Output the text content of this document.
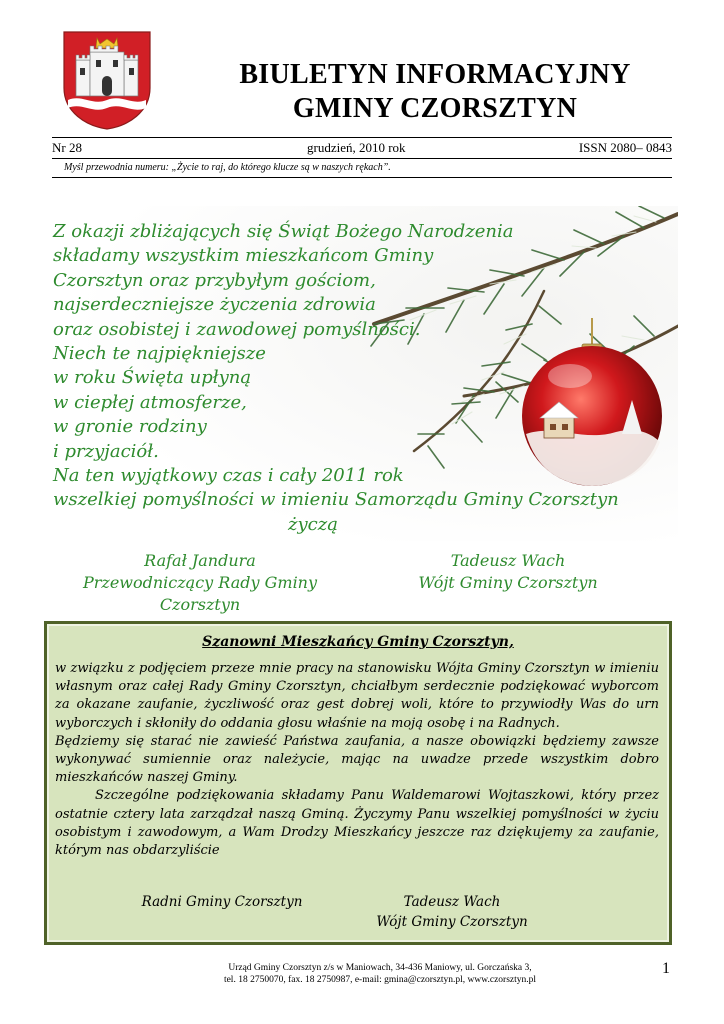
BIULETYN INFORMACYJNY
GMINY CZORSZTYN
Nr 28	grudzień, 2010 rok	ISSN 2080– 0843
Myśl przewodnia numeru: „Życie to raj, do którego klucze są w naszych rękach”.
Z okazji zbliżających się Świąt Bożego Narodzenia
składamy wszystkim mieszkańcom Gminy
Czorsztyn oraz przybyłym gościom,
najserdeczniejsze życzenia zdrowia
oraz osobistej i zawodowej pomyślności.
Niech te najpiękniejsze
w roku Święta upłyną
w ciepłej atmosferze,
w gronie rodziny
i przyjaciół.
Na ten wyjątkowy czas i cały 2011 rok
wszelkiej pomyślności w imieniu Samorządu Gminy Czorsztyn
życzą
Rafał Jandura
Przewodniczący Rady Gminy Czorsztyn
Tadeusz Wach
Wójt Gminy Czorsztyn
Szanowni Mieszkańcy Gminy Czorsztyn,

w związku z podjęciem przeze mnie pracy na stanowisku Wójta Gminy Czorsztyn w imieniu własnym oraz całej Rady Gminy Czorsztyn, chciałbym serdecznie podziękować wyborcom za okazane zaufanie, życzliwość oraz gest dobrej woli, które to przywiodły Was do urn wyborczych i skłoniły do oddania głosu właśnie na moją osobę i na Radnych.

Będziemy się starać nie zawieść Państwa zaufania, a nasze obowiązki będziemy zawsze wykonywać sumiennie oraz należycie, mając na uwadze przede wszystkim dobro mieszkańców naszej Gminy.

Szczególne podziękowania składamy Panu Waldemarowi Wojtaszkowi, który przez ostatnie cztery lata zarządzał naszą Gminą. Życzymy Panu wszelkiej pomyślności w życiu osobistym i zawodowym, a Wam Drodzy Mieszkańcy jeszcze raz dziękujemy za zaufanie, którym nas obdarzyliście

Radni Gminy Czorsztyn	Tadeusz Wach
Wójt Gminy Czorsztyn
Urząd Gminy Czorsztyn z/s w Maniowach, 34-436 Maniowy, ul. Gorczańska 3,
tel. 18 2750070, fax. 18 2750987, e-mail: gmina@czorsztyn.pl, www.czorsztyn.pl
1
